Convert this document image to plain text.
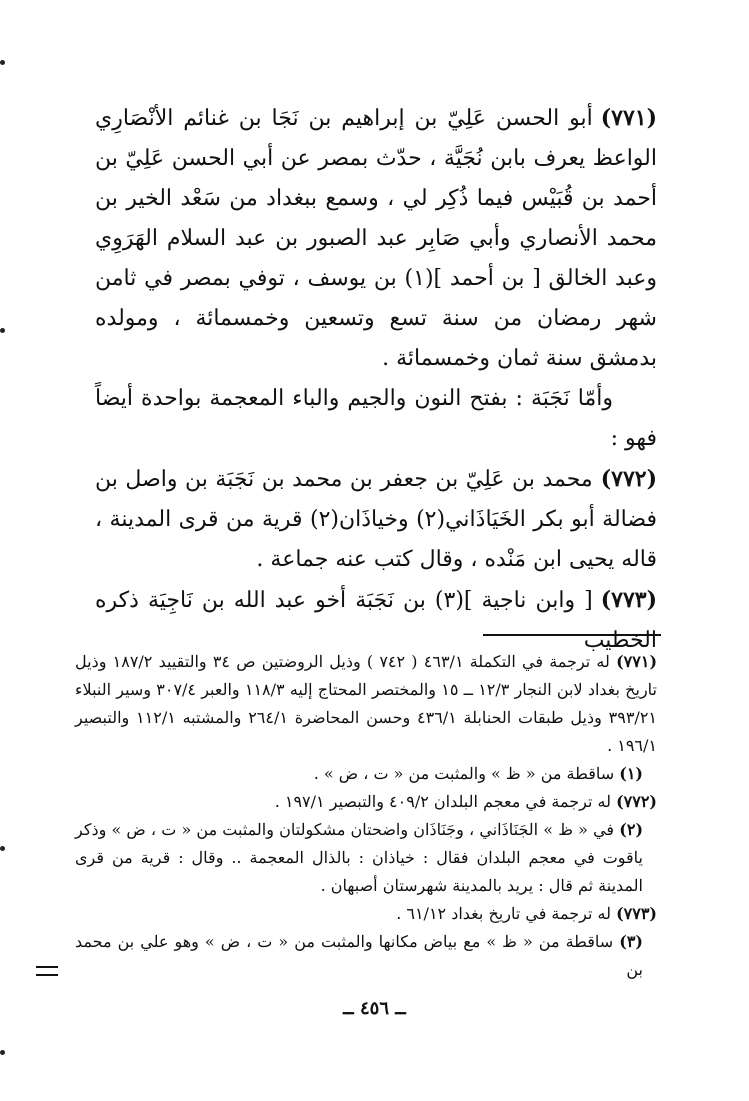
(٧٧١)أبو الحسن عَلِيّ بن إبراهيم بن نَجَا بن غنائم الأنْصَارِي الواعظ يعرف بابن نُجَيَّة ، حدّث بمصر عن أبي الحسن عَلِيّ بن أحمد بن قُبَيْس فيما ذُكِر لي ، وسمع ببغداد من سَعْد الخير بن محمد الأنصاري وأبي صَابِر عبد الصبور بن عبد السلام الهَرَوِي وعبد الخالق [ بن أحمد ](١) بن يوسف ، توفي بمصر في ثامن شهر رمضان من سنة تسع وتسعين وخمسمائة ، ومولده بدمشق سنة ثمان وخمسمائة .

وأمّا نَجَبَة : بفتح النون والجيم والباء المعجمة بواحدة أيضاً فهو :

(٧٧٢)محمد بن عَلِيّ بن جعفر بن محمد بن نَجَبَة بن واصل بن فضالة أبو بكر الخَيَاذَاني(٢) وخياذَان(٢) قرية من قرى المدينة ، قاله يحيى ابن مَنْده ، وقال كتب عنه جماعة .

(٧٧٣)[ وابن ناجية ](٣) بن نَجَبَة أخو عبد الله بن نَاجِيَة ذكره الخطيب

(٧٧١) له ترجمة في التكملة ٤٦٣/١ ( ٧٤٢ ) وذيل الروضتين ص ٣٤ والتقييد ١٨٧/٢ وذيل تاريخ بغداد لابن النجار ١٢/٣ ــ ١٥ والمختصر المحتاج إليه ١١٨/٣ والعبر ٣٠٧/٤ وسير النبلاء ٣٩٣/٢١ وذيل طبقات الحنابلة ٤٣٦/١ وحسن المحاضرة ٢٦٤/١ والمشتبه ١١٢/١ والتبصير ١٩٦/١ .

(١) ساقطة من « ظ » والمثبت من « ت ، ض » .

(٧٧٢) له ترجمة في معجم البلدان ٤٠٩/٢ والتبصير ١٩٧/١ .

(٢) في « ظ » الجَنَاذَاني ، وجَنَاذَان واضحتان مشكولتان والمثبت من « ت ، ض » وذكر ياقوت في معجم البلدان فقال : خياذان : بالذال المعجمة .. وقال : قرية من قرى المدينة ثم قال : يريد بالمدينة شهرستان أصبهان .

(٧٧٣) له ترجمة في تاريخ بغداد ٦١/١٢ .

(٣) ساقطة من « ظ » مع بياض مكانها والمثبت من « ت ، ض » وهو علي بن محمد بن

ــ ٤٥٦ ــ
